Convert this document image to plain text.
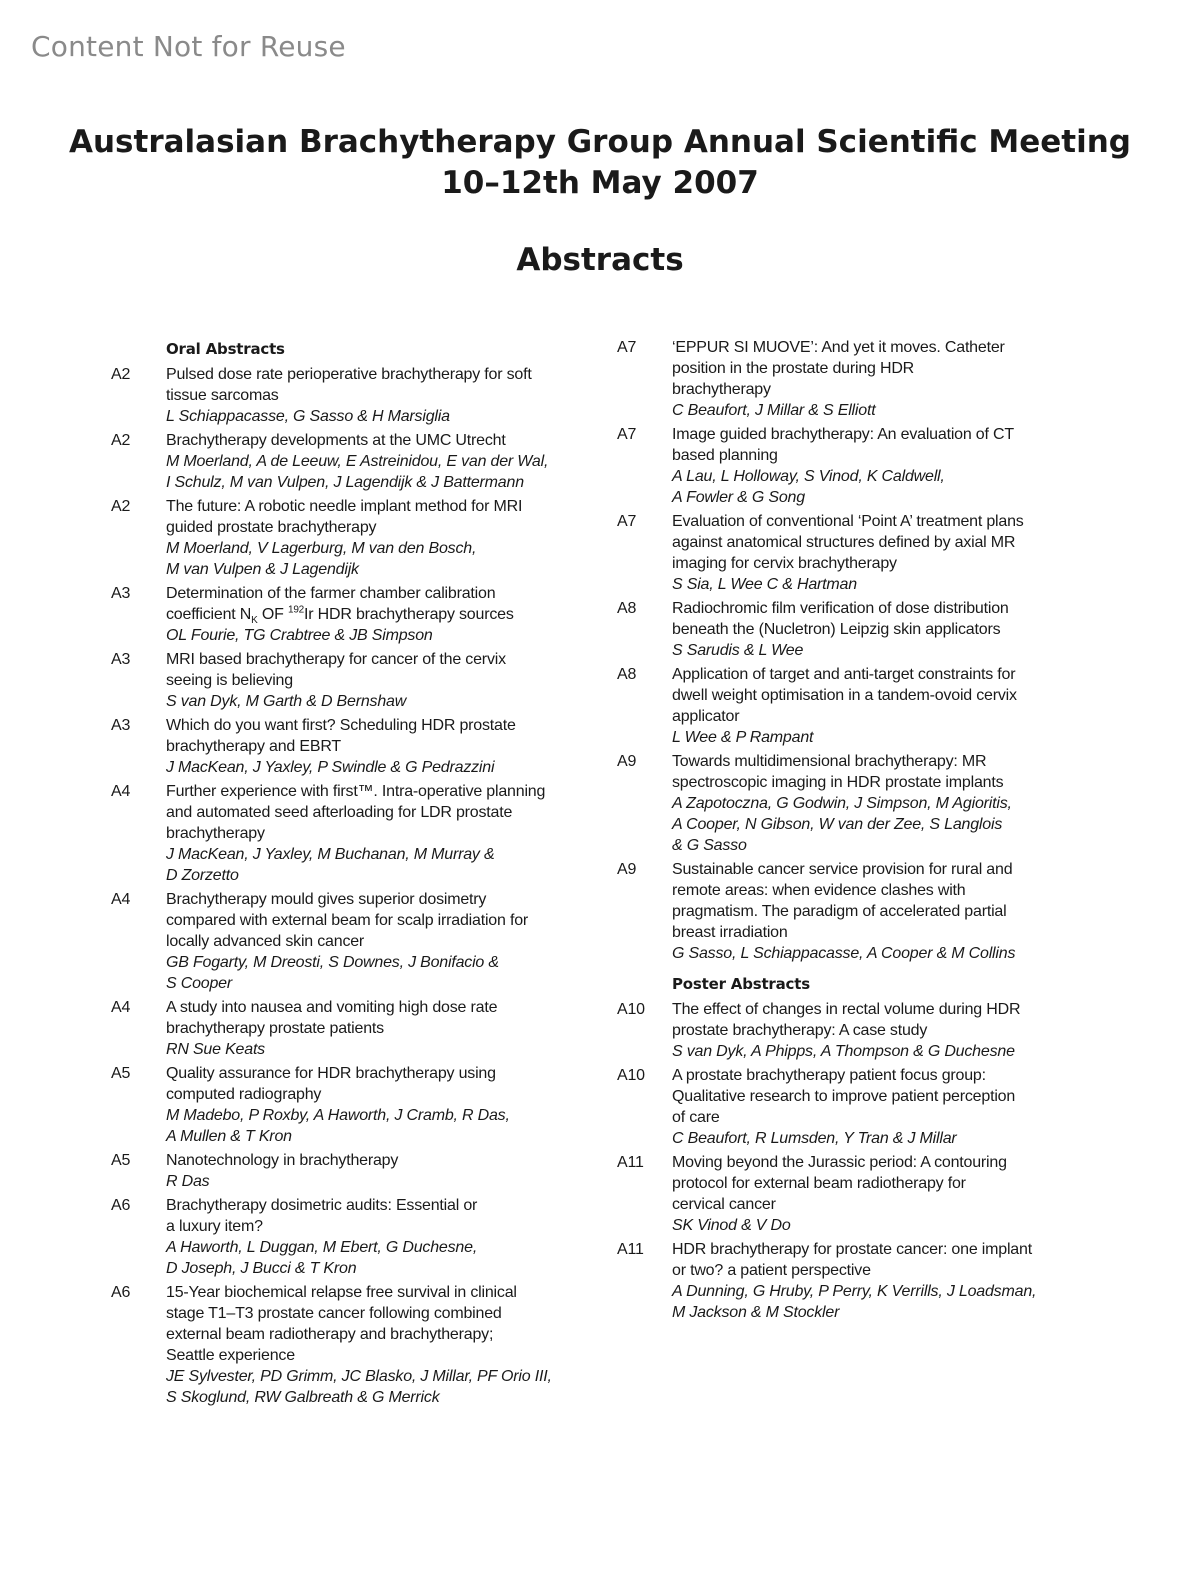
Content Not for Reuse
Australasian Brachytherapy Group Annual Scientific Meeting
10–12th May 2007
Abstracts
Oral Abstracts
A2	Pulsed dose rate perioperative brachytherapy for soft
tissue sarcomas
L Schiappacasse, G Sasso & H Marsiglia
A2	Brachytherapy developments at the UMC Utrecht
M Moerland, A de Leeuw, E Astreinidou, E van der Wal,
I Schulz, M van Vulpen, J Lagendijk & J Battermann
A2	The future: A robotic needle implant method for MRI
guided prostate brachytherapy
M Moerland, V Lagerburg, M van den Bosch,
M van Vulpen & J Lagendijk
A3	Determination of the farmer chamber calibration
coefficient $N_K$ OF $^{192}$Ir HDR brachytherapy sources
OL Fourie, TG Crabtree & JB Simpson
A3	MRI based brachytherapy for cancer of the cervix
seeing is believing
S van Dyk, M Garth & D Bernshaw
A3	Which do you want first? Scheduling HDR prostate
brachytherapy and EBRT
J MacKean, J Yaxley, P Swindle & G Pedrazzini
A4	Further experience with first™. Intra-operative planning
and automated seed afterloading for LDR prostate
brachytherapy
J MacKean, J Yaxley, M Buchanan, M Murray &
D Zorzetto
A4	Brachytherapy mould gives superior dosimetry
compared with external beam for scalp irradiation for
locally advanced skin cancer
GB Fogarty, M Dreosti, S Downes, J Bonifacio &
S Cooper
A4	A study into nausea and vomiting high dose rate
brachytherapy prostate patients
RN Sue Keats
A5	Quality assurance for HDR brachytherapy using
computed radiography
M Madebo, P Roxby, A Haworth, J Cramb, R Das,
A Mullen & T Kron
A5	Nanotechnology in brachytherapy
R Das
A6	Brachytherapy dosimetric audits: Essential or
a luxury item?
A Haworth, L Duggan, M Ebert, G Duchesne,
D Joseph, J Bucci & T Kron
A6	15-Year biochemical relapse free survival in clinical
stage T1–T3 prostate cancer following combined
external beam radiotherapy and brachytherapy;
Seattle experience
JE Sylvester, PD Grimm, JC Blasko, J Millar, PF Orio III,
S Skoglund, RW Galbreath & G Merrick
A7	‘EPPUR SI MUOVE’: And yet it moves. Catheter
position in the prostate during HDR
brachytherapy
C Beaufort, J Millar & S Elliott
A7	Image guided brachytherapy: An evaluation of CT
based planning
A Lau, L Holloway, S Vinod, K Caldwell,
A Fowler & G Song
A7	Evaluation of conventional ‘Point A’ treatment plans
against anatomical structures defined by axial MR
imaging for cervix brachytherapy
S Sia, L Wee C & Hartman
A8	Radiochromic film verification of dose distribution
beneath the (Nucletron) Leipzig skin applicators
S Sarudis & L Wee
A8	Application of target and anti-target constraints for
dwell weight optimisation in a tandem-ovoid cervix
applicator
L Wee & P Rampant
A9	Towards multidimensional brachytherapy: MR
spectroscopic imaging in HDR prostate implants
A Zapotoczna, G Godwin, J Simpson, M Agioritis,
A Cooper, N Gibson, W van der Zee, S Langlois
& G Sasso
A9	Sustainable cancer service provision for rural and
remote areas: when evidence clashes with
pragmatism. The paradigm of accelerated partial
breast irradiation
G Sasso, L Schiappacasse, A Cooper & M Collins
Poster Abstracts
A10	The effect of changes in rectal volume during HDR
prostate brachytherapy: A case study
S van Dyk, A Phipps, A Thompson & G Duchesne
A10	A prostate brachytherapy patient focus group:
Qualitative research to improve patient perception
of care
C Beaufort, R Lumsden, Y Tran & J Millar
A11	Moving beyond the Jurassic period: A contouring
protocol for external beam radiotherapy for
cervical cancer
SK Vinod & V Do
A11	HDR brachytherapy for prostate cancer: one implant
or two? a patient perspective
A Dunning, G Hruby, P Perry, K Verrills, J Loadsman,
M Jackson & M Stockler
